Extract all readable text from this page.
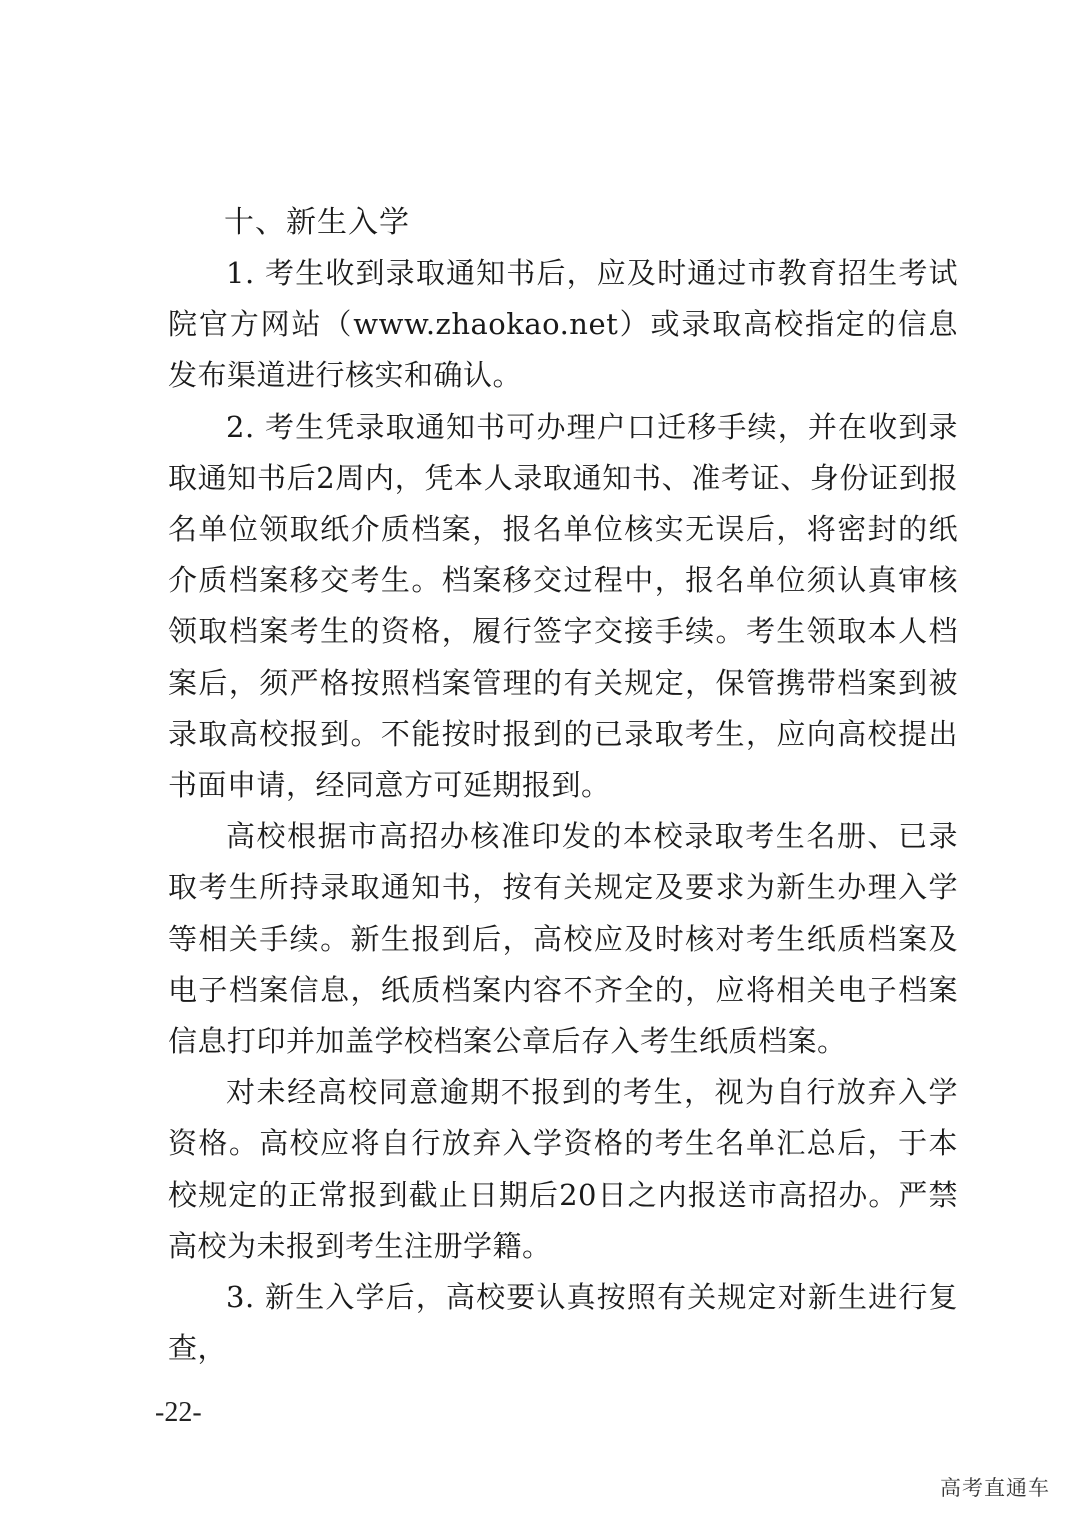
十、新生入学

1. 考生收到录取通知书后，应及时通过市教育招生考试院官方网站（www.zhaokao.net）或录取高校指定的信息发布渠道进行核实和确认。

2. 考生凭录取通知书可办理户口迁移手续，并在收到录取通知书后2周内，凭本人录取通知书、准考证、身份证到报名单位领取纸介质档案，报名单位核实无误后，将密封的纸介质档案移交考生。档案移交过程中，报名单位须认真审核领取档案考生的资格，履行签字交接手续。考生领取本人档案后，须严格按照档案管理的有关规定，保管携带档案到被录取高校报到。不能按时报到的已录取考生，应向高校提出书面申请，经同意方可延期报到。

高校根据市高招办核准印发的本校录取考生名册、已录取考生所持录取通知书，按有关规定及要求为新生办理入学等相关手续。新生报到后，高校应及时核对考生纸质档案及电子档案信息，纸质档案内容不齐全的，应将相关电子档案信息打印并加盖学校档案公章后存入考生纸质档案。

对未经高校同意逾期不报到的考生，视为自行放弃入学资格。高校应将自行放弃入学资格的考生名单汇总后，于本校规定的正常报到截止日期后20日之内报送市高招办。严禁高校为未报到考生注册学籍。

3. 新生入学后，高校要认真按照有关规定对新生进行复查，

-22-
高考直通车
